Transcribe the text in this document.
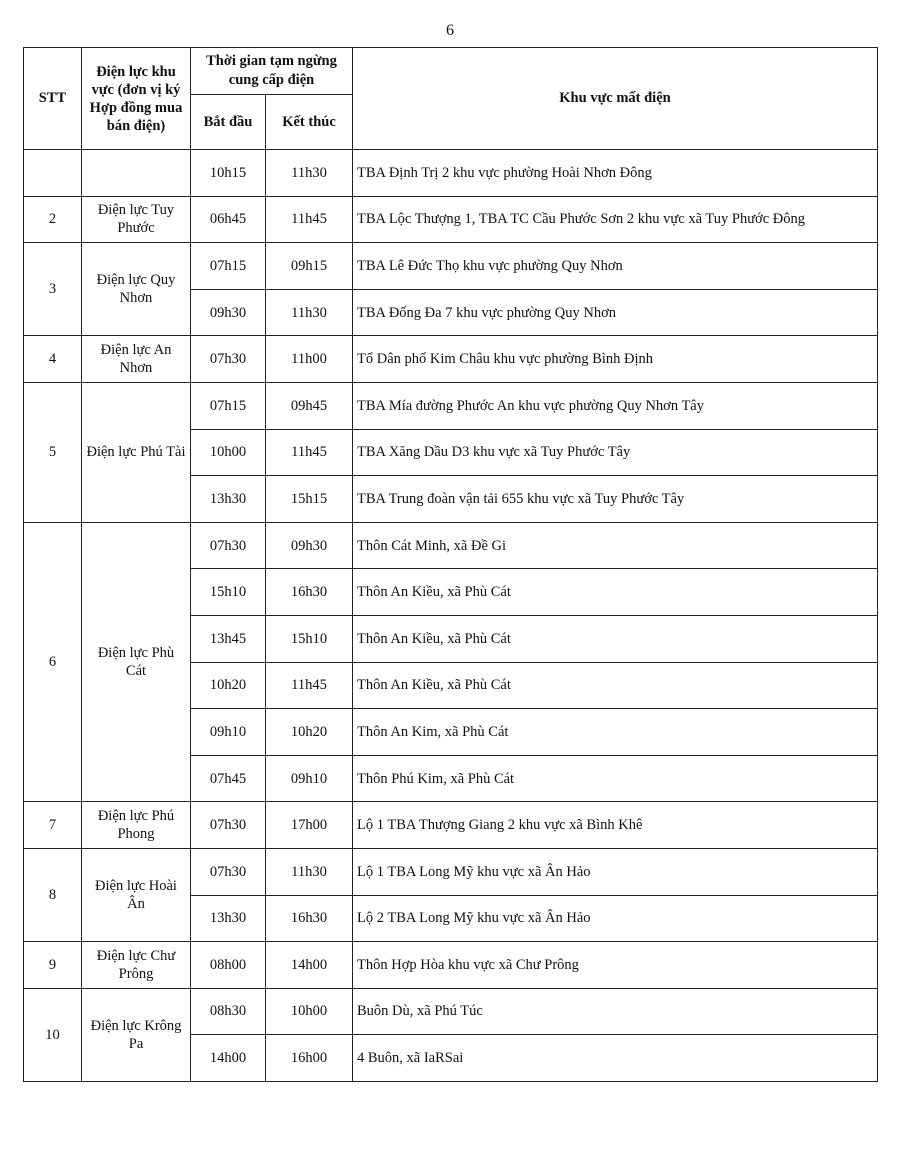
6
STT	Điện lực khu vực (đơn vị ký Hợp đồng mua bán điện)	Thời gian tạm ngừng cung cấp điện		Khu vực mất điện
		Bắt đầu	Kết thúc	
		10h15	11h30	TBA Định Trị 2 khu vực phường Hoài Nhơn Đông
2	Điện lực Tuy Phước	06h45	11h45	TBA Lộc Thượng 1, TBA TC Cầu Phước Sơn 2 khu vực xã Tuy Phước Đông
3	Điện lực Quy Nhơn	07h15	09h15	TBA Lê Đức Thọ khu vực phường Quy Nhơn
		09h30	11h30	TBA Đống Đa 7 khu vực phường Quy Nhơn
4	Điện lực An Nhơn	07h30	11h00	Tổ Dân phố Kim Châu khu vực phường Bình Định
5	Điện lực Phú Tài	07h15	09h45	TBA Mía đường Phước An khu vực phường Quy Nhơn Tây
		10h00	11h45	TBA Xăng Dầu D3 khu vực xã Tuy Phước Tây
		13h30	15h15	TBA Trung đoàn vận tải 655 khu vực xã Tuy Phước Tây
6	Điện lực Phù Cát	07h30	09h30	Thôn Cát Minh, xã Đề Gi
		15h10	16h30	Thôn An Kiều, xã Phù Cát
		13h45	15h10	Thôn An Kiều, xã Phù Cát
		10h20	11h45	Thôn An Kiều, xã Phù Cát
		09h10	10h20	Thôn An Kim, xã Phù Cát
		07h45	09h10	Thôn Phú Kim, xã Phù Cát
7	Điện lực Phú Phong	07h30	17h00	Lộ 1 TBA Thượng Giang 2 khu vực xã Bình Khê
8	Điện lực Hoài Ân	07h30	11h30	Lộ 1 TBA Long Mỹ khu vực xã Ân Hảo
		13h30	16h30	Lộ 2 TBA Long Mỹ khu vực xã Ân Hảo
9	Điện lực Chư Prông	08h00	14h00	Thôn Hợp Hòa khu vực xã Chư Prông
10	Điện lực Krông Pa	08h30	10h00	Buôn Dù, xã Phú Túc
		14h00	16h00	4 Buôn, xã IaRSai
